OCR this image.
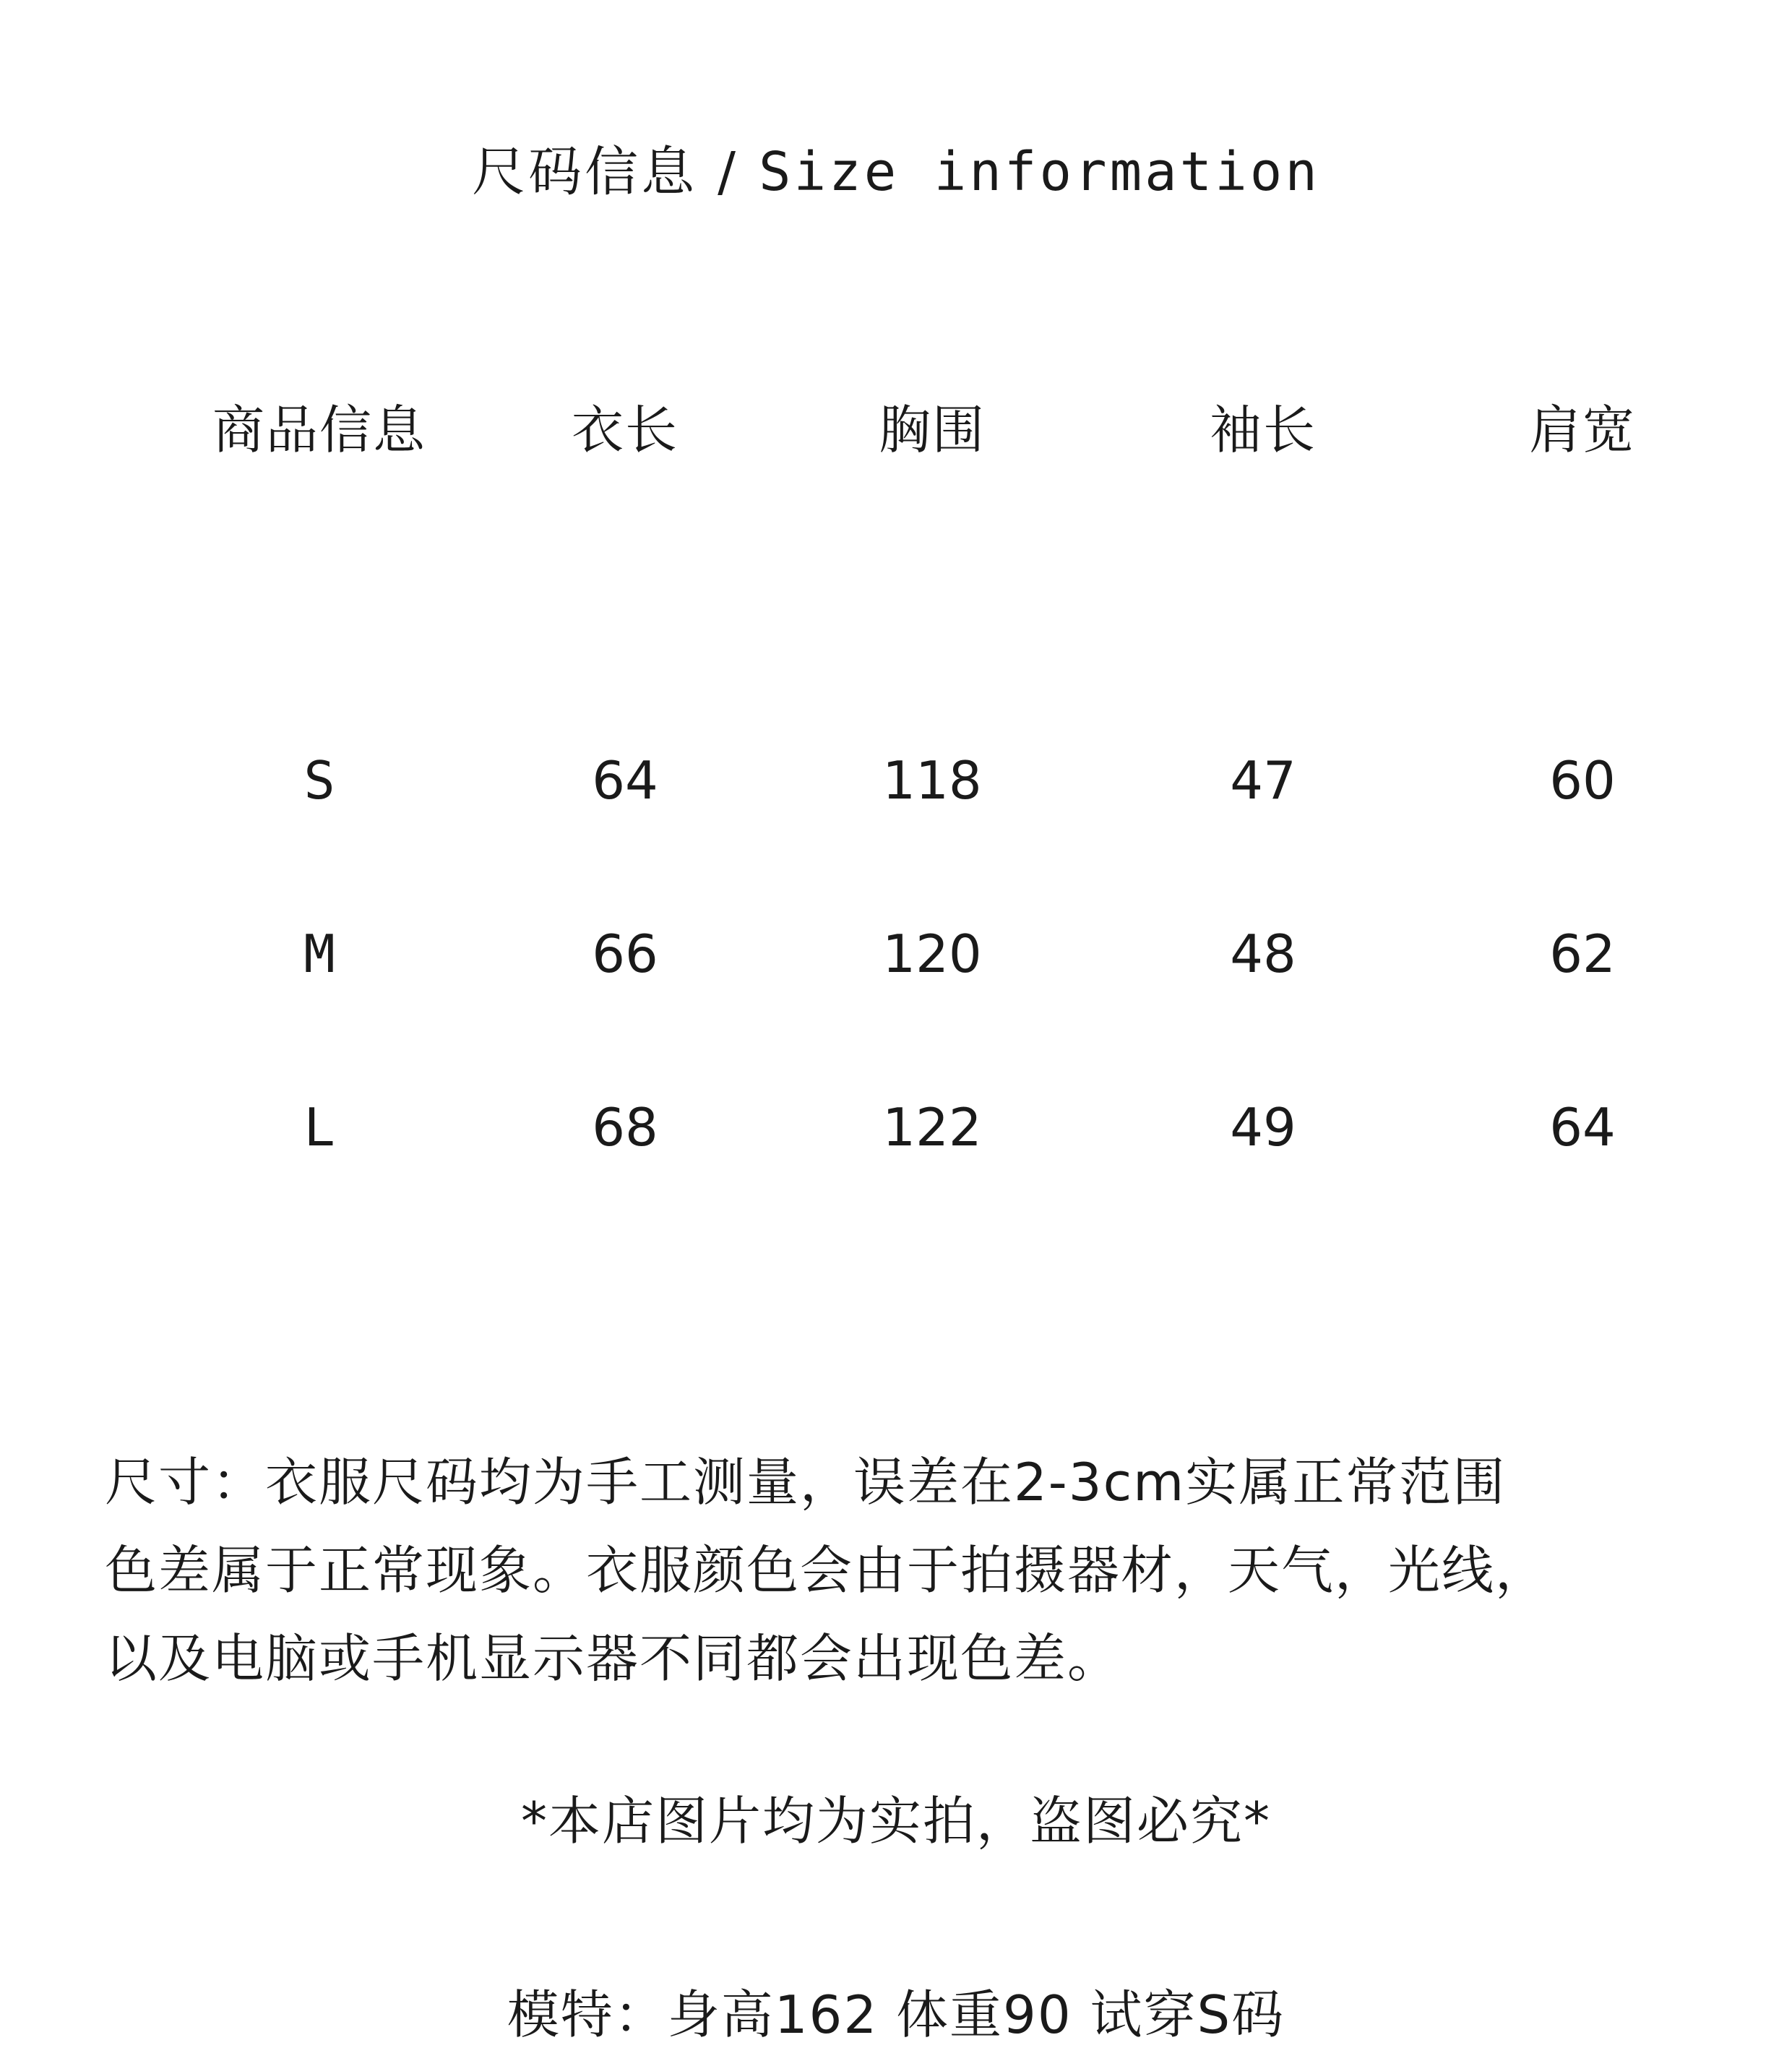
尺码信息 / Size information
商品信息	衣长	胸围	袖长	肩宽
S	64	118	47	60
M	66	120	48	62
L	68	122	49	64
尺寸：衣服尺码均为手工测量，误差在2-3cm实属正常范围
色差属于正常现象。衣服颜色会由于拍摄器材，天气，光线，
以及电脑或手机显示器不同都会出现色差。
*本店图片均为实拍，盗图必究*
模特：身高162 体重90 试穿S码
